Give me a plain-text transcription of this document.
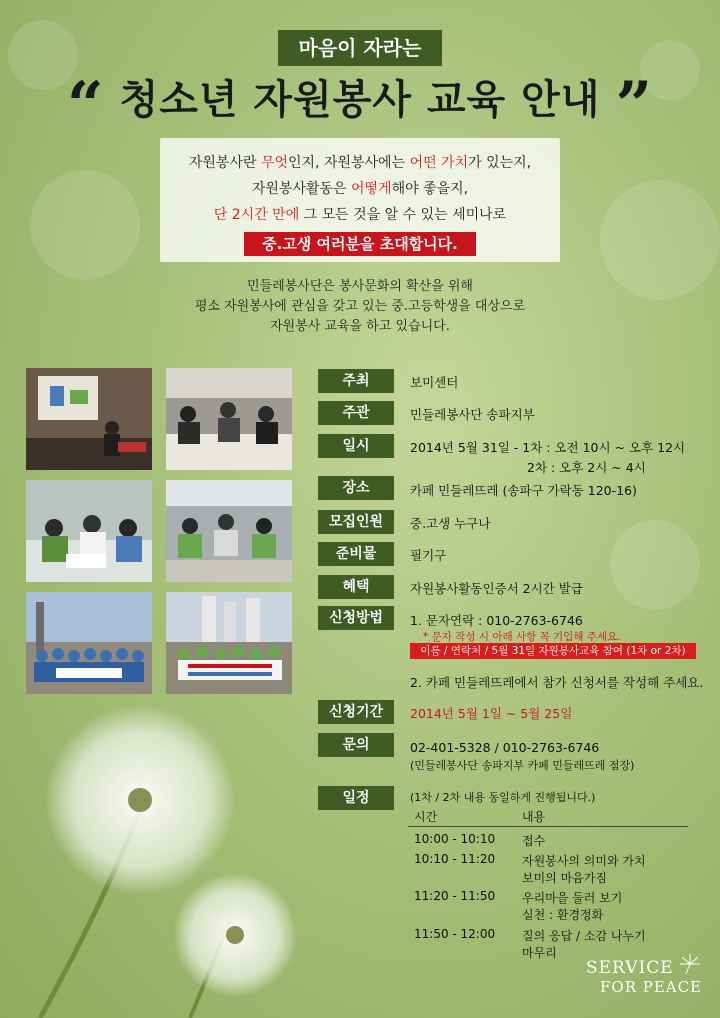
마음이 자라는
“ 청소년 자원봉사 교육 안내 ”
자원봉사란 무엇인지, 자원봉사에는 어떤 가치가 있는지,
자원봉사활동은 어떻게해야 좋을지,
단 2시간 만에 그 모든 것을 알 수 있는 세미나로
중.고생 여러분을 초대합니다.
민들레봉사단은 봉사문화의 확산을 위해
평소 자원봉사에 관심을 갖고 있는 중.고등학생을 대상으로
자원봉사 교육을 하고 있습니다.
주최	보미센터
주관	민들레봉사단 송파지부
일시	2014년 5월 31일 - 1차 : 오전 10시 ~ 오후 12시
2차 : 오후 2시 ~ 4시
장소	카페 민들레뜨레 (송파구 가락동 120-16)
모집인원	중.고생 누구나
준비물	필기구
혜택	자원봉사활동인증서 2시간 발급
신청방법	1. 문자연락 : 010-2763-6746
* 문자 작성 시 아래 사항 꼭 기입해 주세요.
이름 / 연락처 / 5월 31일 자원봉사교육 참여 (1차 or 2차)
2. 카페 민들레뜨레에서 참가 신청서를 작성해 주세요.
신청기간	2014년 5월 1일 ~ 5월 25일
문의	02-401-5328 / 010-2763-6746
(민들레봉사단 송파지부 카페 민들레뜨레 점장)
일정	(1차 / 2차 내용 동일하게 진행됩니다.)
시간	내용
10:00 - 10:10 접수
10:10 - 11:20 자원봉사의 의미와 가치
보미의 마음가짐
11:20 - 11:50 우리마을 둘러 보기
실천 : 환경정화
11:50 - 12:00 질의 응답 / 소감 나누기
마무리
SERVICE
FOR PEACE
